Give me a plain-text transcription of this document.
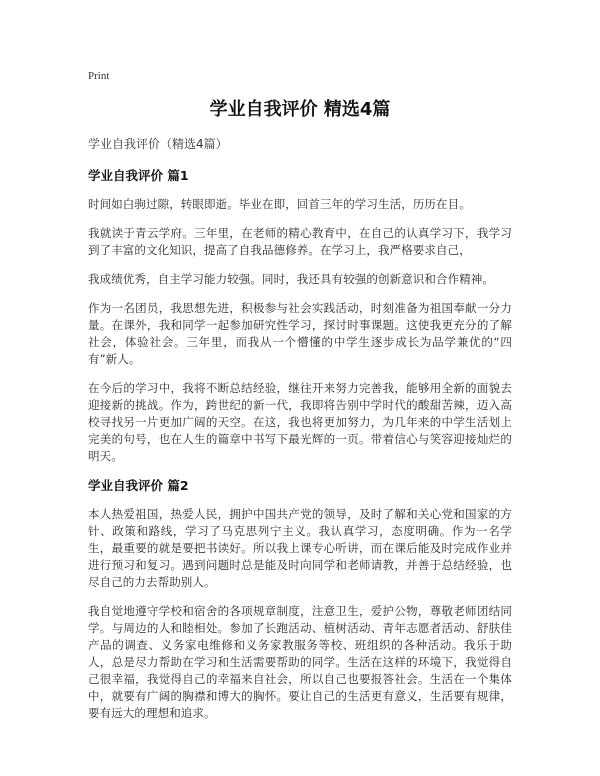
Print
学业自我评价 精选4篇
学业自我评价（精选4篇）
学业自我评价 篇1

时间如白驹过隙，转眼即逝。毕业在即，回首三年的学习生活，历历在目。

我就读于青云学府。三年里，在老师的精心教育中，在自己的认真学习下，我学习到了丰富的文化知识，提高了自我品德修养。在学习上，我严格要求自己，

我成绩优秀，自主学习能力较强。同时，我还具有较强的创新意识和合作精神。

作为一名团员，我思想先进，积极参与社会实践活动，时刻准备为祖国奉献一分力量。在课外，我和同学一起参加研究性学习，探讨时事课题。这使我更充分的了解社会，体验社会。三年里，而我从一个懵懂的中学生逐步成长为品学兼优的“四有”新人。

在今后的学习中，我将不断总结经验，继往开来努力完善我，能够用全新的面貌去迎接新的挑战。作为，跨世纪的新一代，我即将告别中学时代的酸甜苦辣，迈入高校寻找另一片更加广阔的天空。在这，我也将更加努力，为几年来的中学生活划上完美的句号，也在人生的篇章中书写下最光辉的一页。带着信心与笑容迎接灿烂的明天。

学业自我评价 篇2

本人热爱祖国，热爱人民，拥护中国共产党的领导，及时了解和关心党和国家的方针、政策和路线，学习了马克思列宁主义。我认真学习，态度明确。作为一名学生，最重要的就是要把书读好。所以我上课专心听讲，而在课后能及时完成作业并进行预习和复习。遇到问题时总是能及时向同学和老师请教，并善于总结经验，也尽自己的力去帮助别人。

我自觉地遵守学校和宿舍的各项规章制度，注意卫生，爱护公物，尊敬老师团结同学。与周边的人和睦相处。参加了长跑活动、植树活动、青年志愿者活动、舒肤佳产品的调查、义务家电维修和义务家教服务等校、班组织的各种活动。我乐于助人，总是尽力帮助在学习和生活需要帮助的同学。生活在这样的环境下，我觉得自己很幸福，我觉得自己的幸福来自社会，所以自己也要报答社会。生活在一个集体中，就要有广阔的胸襟和博大的胸怀。要让自己的生活更有意义，生活要有规律，要有远大的理想和追求。
